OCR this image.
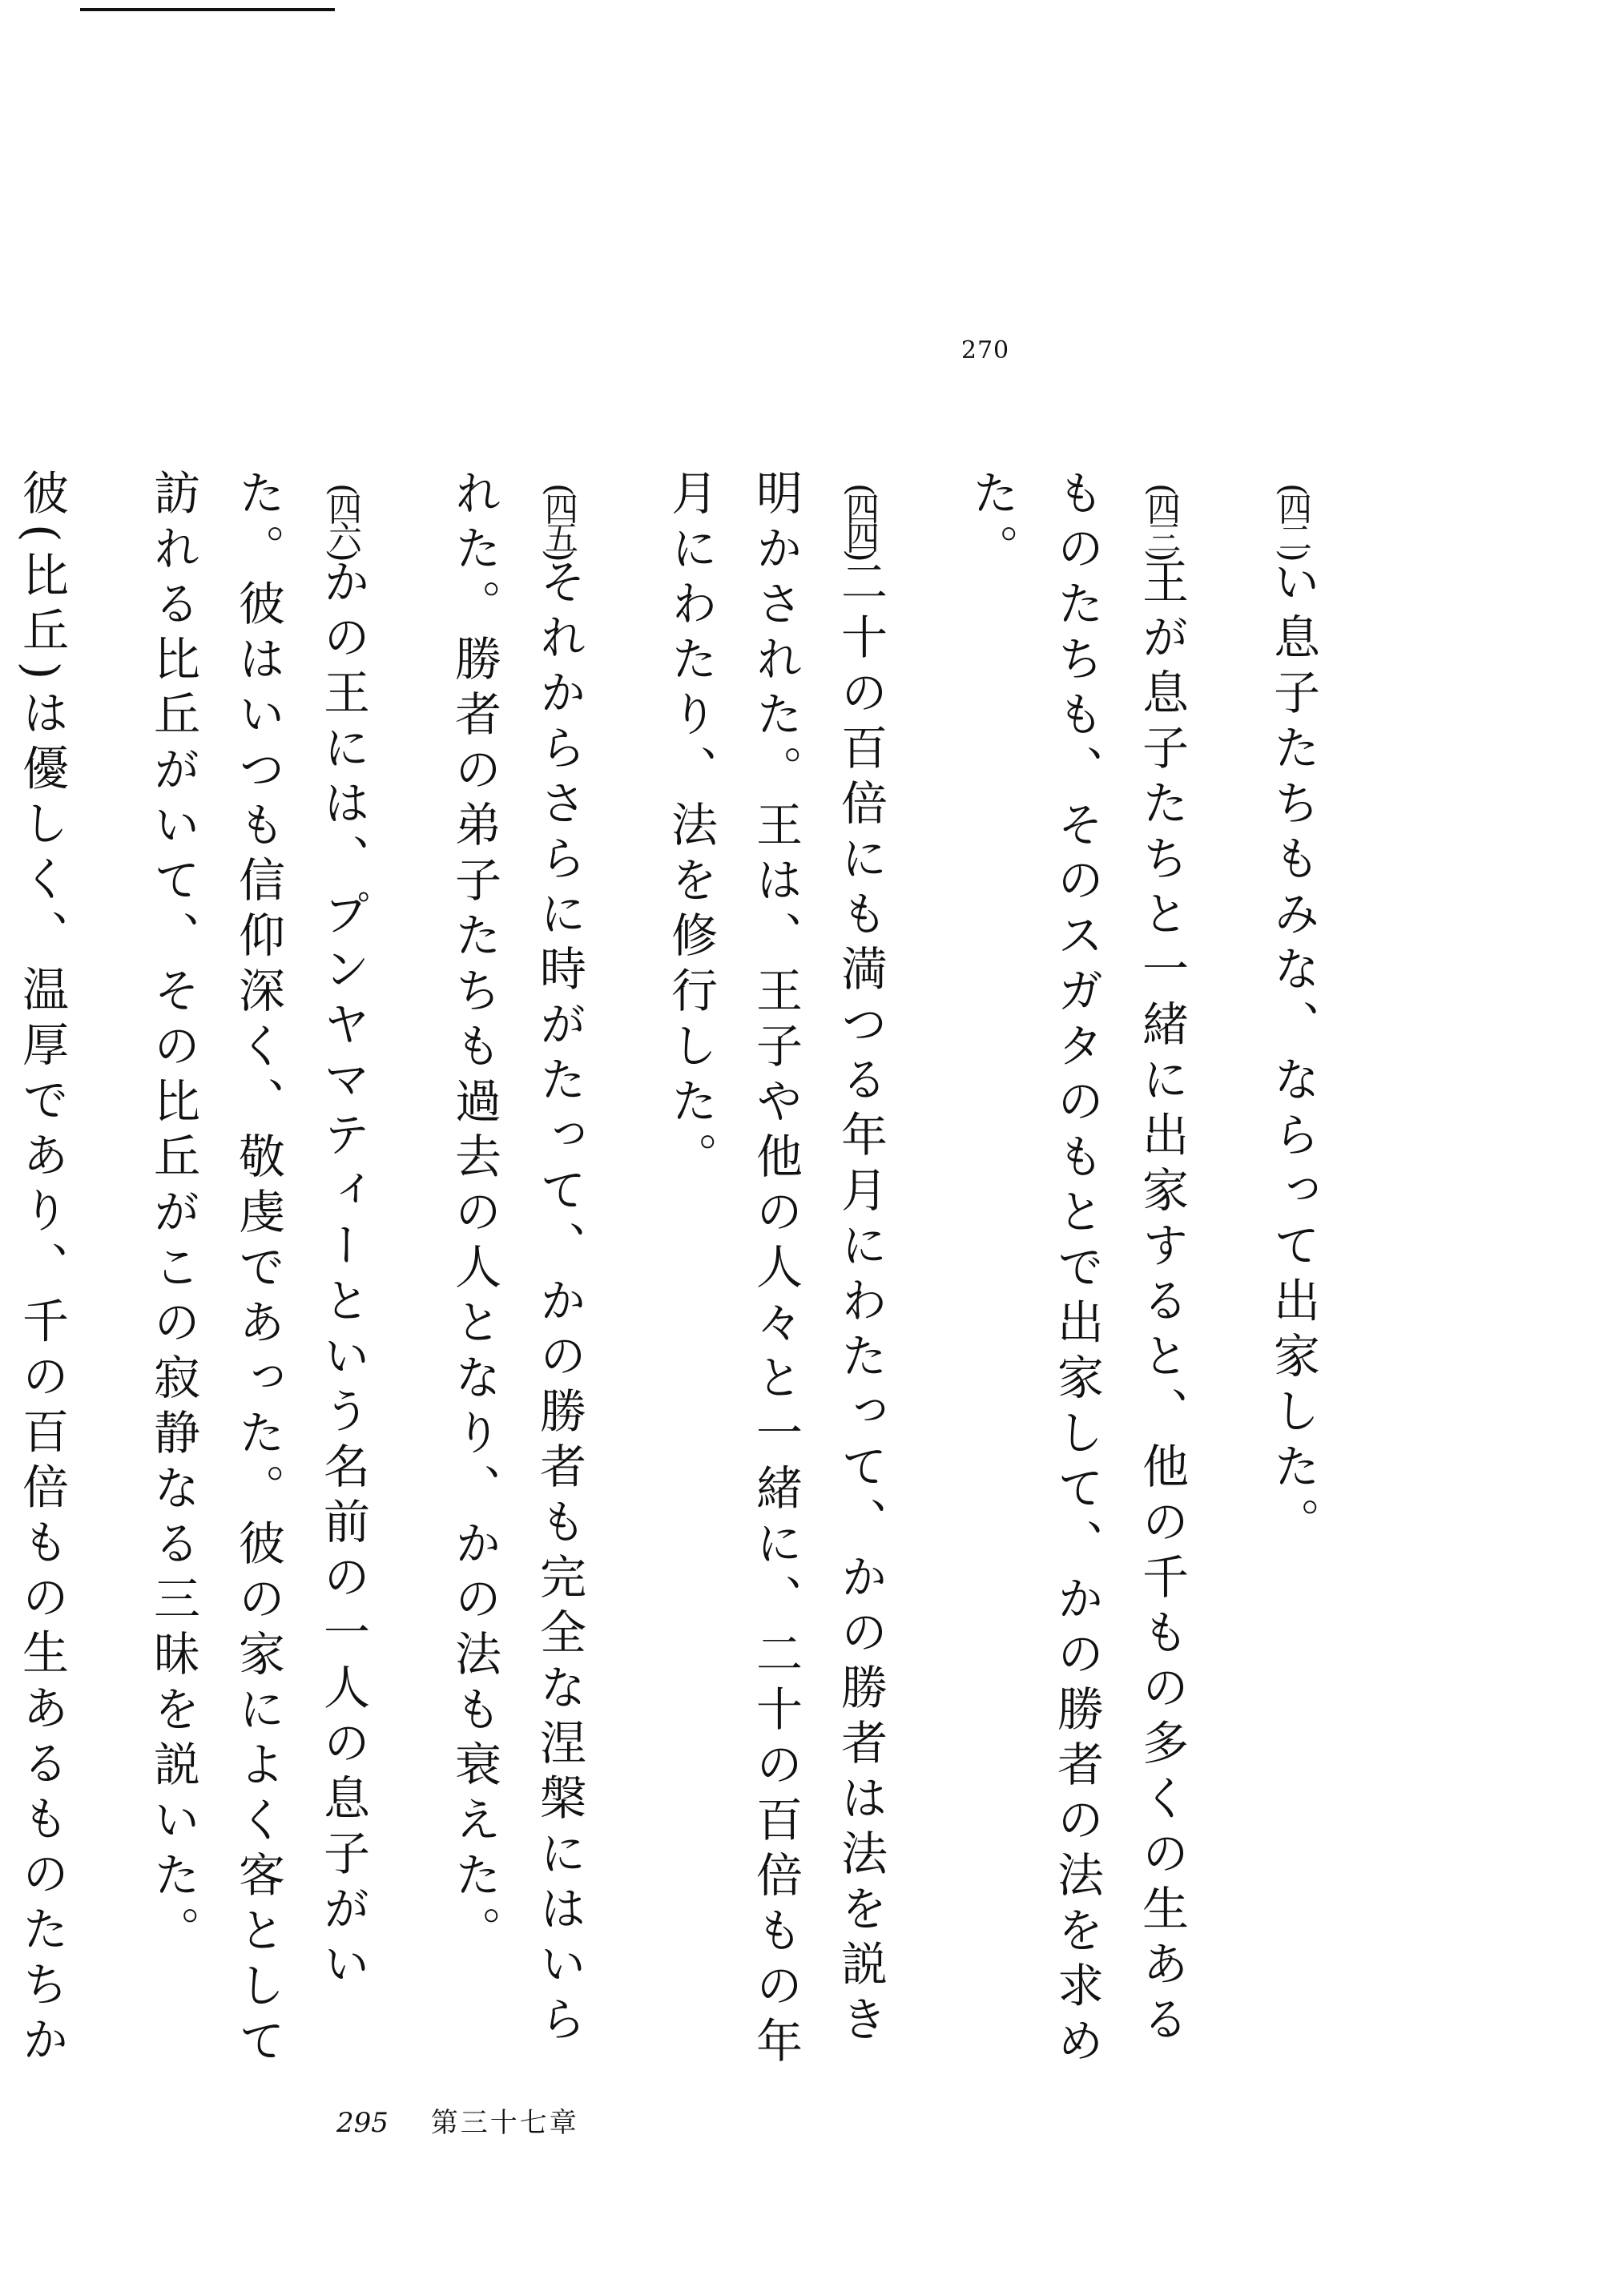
270

(四二)
い息子たちもみな、ならって出家した。

(四三)
王が息子たちと一緒に出家すると、他の千もの多くの生あるものたちも、そのスガタのもとで出家して、かの勝者の法を求めた。

(四四)
二十の百倍にも満つる年月にわたって、かの勝者は法を説き明かされた。王は、王子や他の人々と一緒に、二十の百倍もの年月にわたり、法を修行した。

(四五)
それからさらに時がたって、かの勝者も完全な涅槃にはいられた。勝者の弟子たちも過去の人となり、かの法も衰えた。

(四六)
かの王には、プンヤマティーという名前の一人の息子がいた。彼はいつも信仰深く、敬虔であった。彼の家によく客として訪れる比丘がいて、その比丘がこの寂静なる三昧を説いた。

彼(比丘)は優しく、温厚であり、千の百倍もの生あるものたちか

295 第三十七章
